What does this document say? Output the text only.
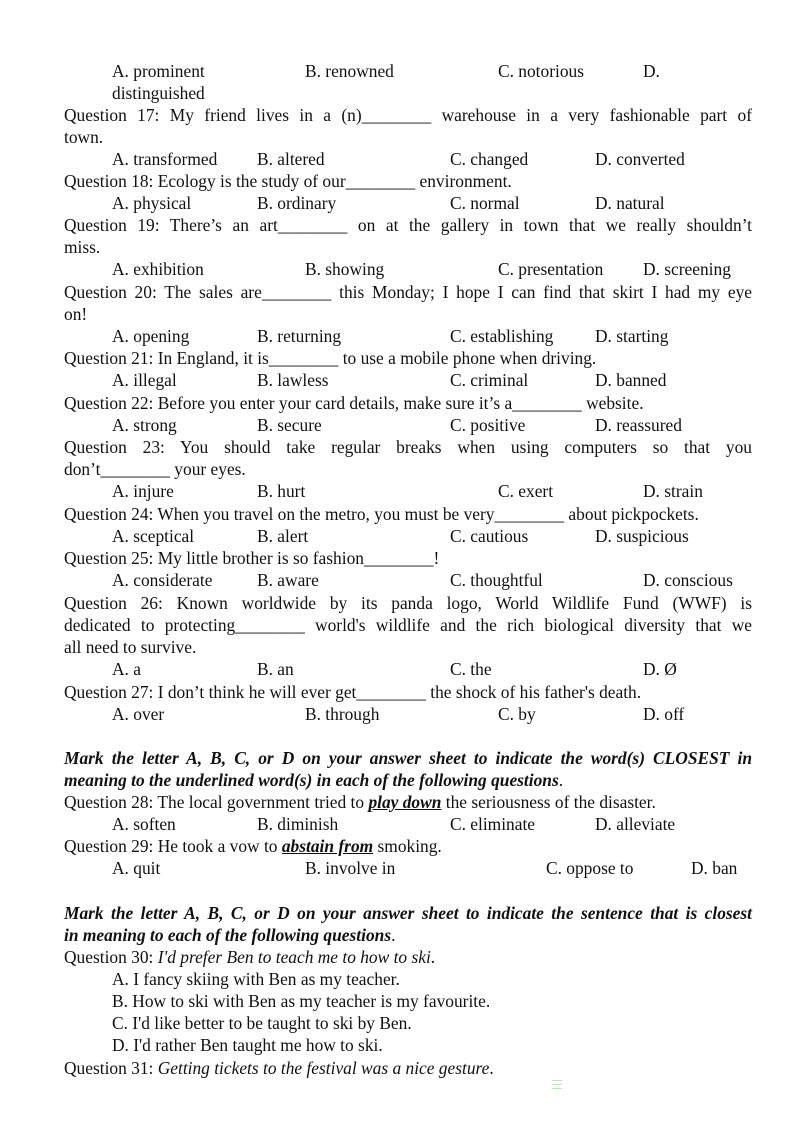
A. prominent	B. renowned	C. notorious	D.
distinguished
Question 17: My friend lives in a (n)________ warehouse in a very fashionable part of
town.
A. transformed B. altered	C. changed	D. converted
Question 18: Ecology is the study of our________ environment.
A. physical	B. ordinary	C. normal	D. natural
Question 19: There’s an art________ on at the gallery in town that we really shouldn’t
miss.
A. exhibition	B. showing	C. presentation D. screening
Question 20: The sales are________ this Monday; I hope I can find that skirt I had my eye
on!
A. opening	B. returning	C. establishing D. starting
Question 21: In England, it is________ to use a mobile phone when driving.
A. illegal	B. lawless	C. criminal	D. banned
Question 22: Before you enter your card details, make sure it’s a________ website.
A. strong	B. secure	C. positive	D. reassured
Question 23: You should take regular breaks when using computers so that you
don’t________ your eyes.
A. injure	B. hurt	C. exert	D. strain
Question 24: When you travel on the metro, you must be very________ about pickpockets.
A. sceptical	B. alert	C. cautious	D. suspicious
Question 25: My little brother is so fashion________!
A. considerate	B. aware	C. thoughtful	D. conscious
Question 26: Known worldwide by its panda logo, World Wildlife Fund (WWF) is
dedicated to protecting________ world's wildlife and the rich biological diversity that we
all need to survive.
A. a	B. an	C. the	D. Ø
Question 27: I don’t think he will ever get________ the shock of his father's death.
A. over	B. through	C. by	D. off
Mark the letter A, B, C, or D on your answer sheet to indicate the word(s) CLOSEST in
meaning to the underlined word(s) in each of the following questions.
Question 28: The local government tried to play down the seriousness of the disaster.
A. soften	B. diminish	C. eliminate	D. alleviate
Question 29: He took a vow to abstain from smoking.
A. quit	B. involve in	C. oppose to	D. ban
Mark the letter A, B, C, or D on your answer sheet to indicate the sentence that is closest
in meaning to each of the following questions.
Question 30: I'd prefer Ben to teach me to how to ski.
A. I fancy skiing with Ben as my teacher.
B. How to ski with Ben as my teacher is my favourite.
C. I'd like better to be taught to ski by Ben.
D. I'd rather Ben taught me how to ski.
Question 31: Getting tickets to the festival was a nice gesture.
